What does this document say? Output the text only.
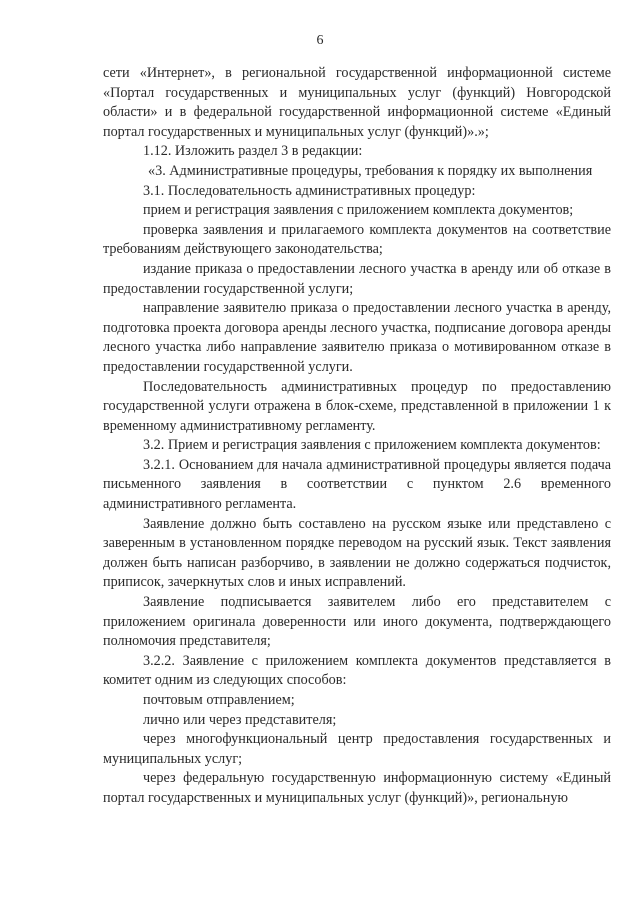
6

сети «Интернет», в региональной государственной информационной системе «Портал государственных и муниципальных услуг (функций) Новгородской области» и в федеральной государственной информационной системе «Единый портал государственных и муниципальных услуг (функций)».»;

1.12. Изложить раздел 3 в редакции:

«3. Административные процедуры, требования к порядку их выполнения

3.1. Последовательность административных процедур:

прием и регистрация заявления с приложением комплекта документов;

проверка заявления и прилагаемого комплекта документов на соответствие требованиям действующего законодательства;

издание приказа о предоставлении лесного участка в аренду или об отказе в предоставлении государственной услуги;

направление заявителю приказа о предоставлении лесного участка в аренду, подготовка проекта договора аренды лесного участка, подписание договора аренды лесного участка либо направление заявителю приказа о мотивированном отказе в предоставлении государственной услуги.

Последовательность административных процедур по предоставлению государственной услуги отражена в блок-схеме, представленной в приложении 1 к временному административному регламенту.

3.2. Прием и регистрация заявления с приложением комплекта документов:

3.2.1. Основанием для начала административной процедуры является подача письменного заявления в соответствии с пунктом 2.6 временного административного регламента.

Заявление должно быть составлено на русском языке или представлено с заверенным в установленном порядке переводом на русский язык. Текст заявления должен быть написан разборчиво, в заявлении не должно содержаться подчисток, приписок, зачеркнутых слов и иных исправлений.

Заявление подписывается заявителем либо его представителем с приложением оригинала доверенности или иного документа, подтверждающего полномочия представителя;

3.2.2. Заявление с приложением комплекта документов представляется в комитет одним из следующих способов:

почтовым отправлением;

лично или через представителя;

через многофункциональный центр предоставления государственных и муниципальных услуг;

через федеральную государственную информационную систему «Единый портал государственных и муниципальных услуг (функций)», региональную
